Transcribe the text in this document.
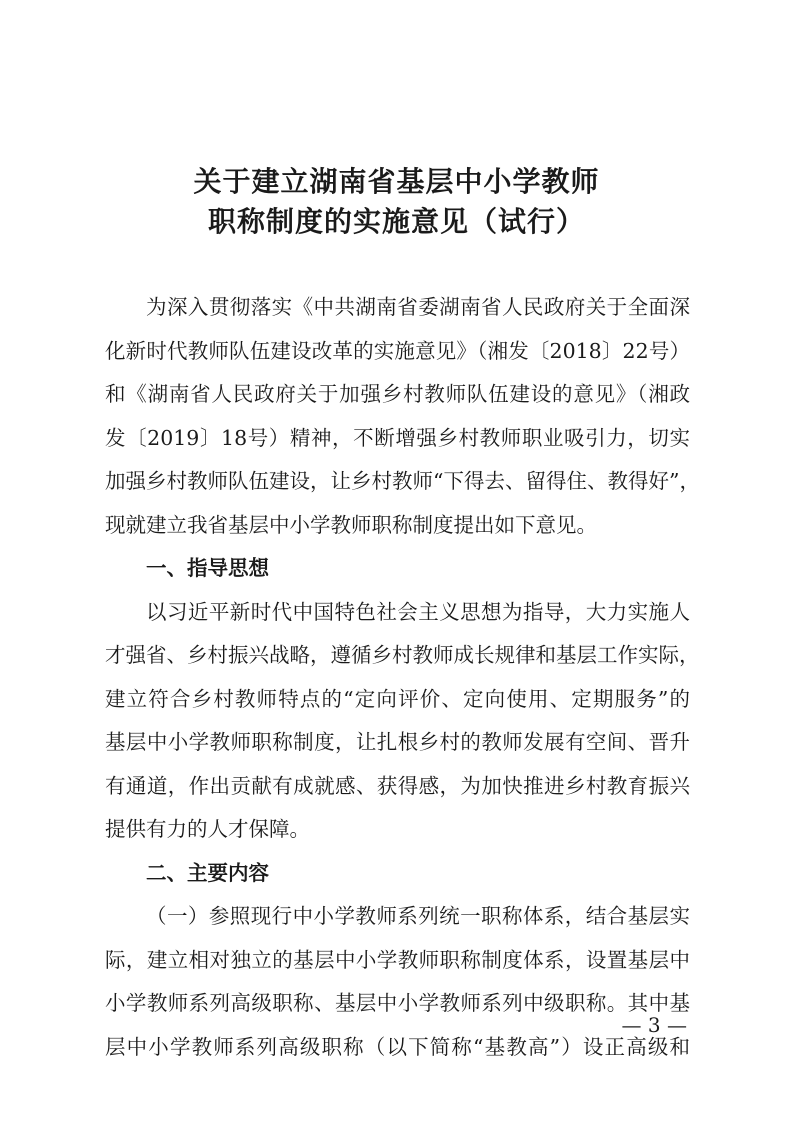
关于建立湖南省基层中小学教师
职称制度的实施意见（试行）
为深入贯彻落实《中共湖南省委湖南省人民政府关于全面深
化新时代教师队伍建设改革的实施意见》（湘发〔2018〕22号）
和《湖南省人民政府关于加强乡村教师队伍建设的意见》（湘政
发〔2019〕18号）精神，不断增强乡村教师职业吸引力，切实
加强乡村教师队伍建设，让乡村教师“下得去、留得住、教得好”，
现就建立我省基层中小学教师职称制度提出如下意见。
一、指导思想
以习近平新时代中国特色社会主义思想为指导，大力实施人
才强省、乡村振兴战略，遵循乡村教师成长规律和基层工作实际，
建立符合乡村教师特点的“定向评价、定向使用、定期服务”的
基层中小学教师职称制度，让扎根乡村的教师发展有空间、晋升
有通道，作出贡献有成就感、获得感，为加快推进乡村教育振兴
提供有力的人才保障。
二、主要内容
（一）参照现行中小学教师系列统一职称体系，结合基层实
际，建立相对独立的基层中小学教师职称制度体系，设置基层中
小学教师系列高级职称、基层中小学教师系列中级职称。其中基
层中小学教师系列高级职称（以下简称“基教高”）设正高级和
— 3 —
